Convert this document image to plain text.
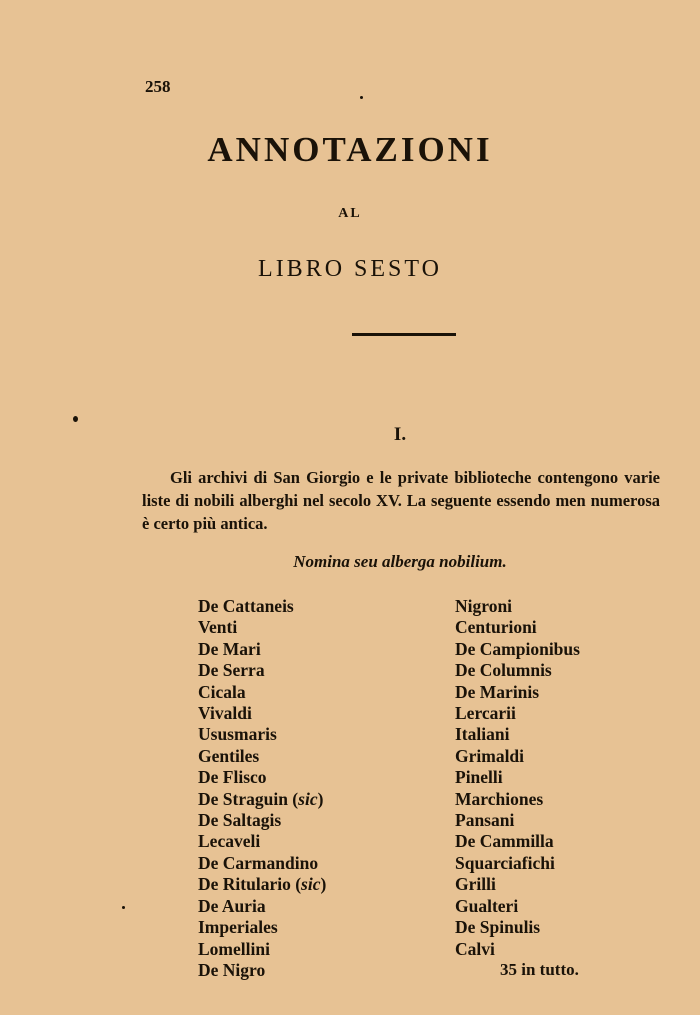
258
ANNOTAZIONI
AL
LIBRO SESTO
I.
Gli archivi di San Giorgio e le private biblioteche contengono varie liste di nobili alberghi nel secolo XV. La seguente essendo men numerosa è certo più antica.
Nomina seu alberga nobilium.
De Cattaneis
Venti
De Mari
De Serra
Cicala
Vivaldi
Ususmaris
Gentiles
De Flisco
De Straguin (sic)
De Saltagis
Lecaveli
De Carmandino
De Ritulario (sic)
De Auria
Imperiales
Lomellini
De Nigro
Nigroni
Centurioni
De Campionibus
De Columnis
De Marinis
Lercarii
Italiani
Grimaldi
Pinelli
Marchiones
Pansani
De Cammilla
Squarciafichi
Grilli
Gualteri
De Spinulis
Calvi
35 in tutto.
